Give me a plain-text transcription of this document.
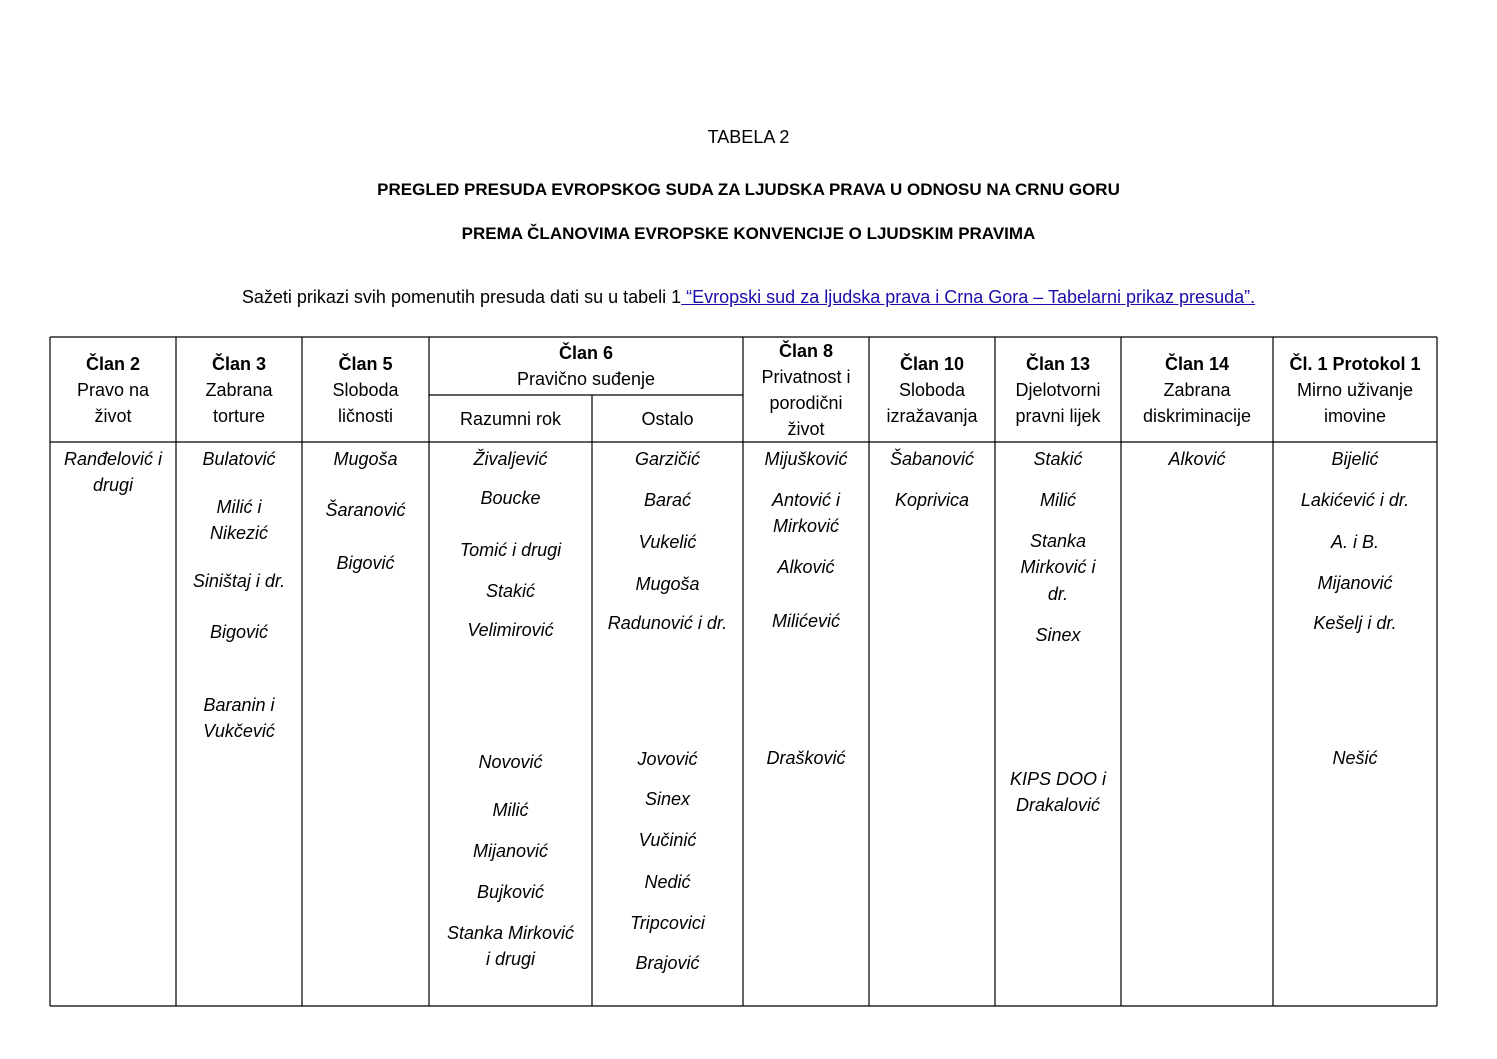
TABELA 2
PREGLED PRESUDA EVROPSKOG SUDA ZA LJUDSKA PRAVA U ODNOSU NA CRNU GORU
PREMA ČLANOVIMA EVROPSKE KONVENCIJE O LJUDSKIM PRAVIMA
Sažeti prikazi svih pomenutih presuda dati su u tabeli 1 “Evropski sud za ljudska prava i Crna Gora – Tabelarni prikaz presuda”.
Član 2
Pravo na
život
Član 3
Zabrana
torture
Član 5
Sloboda
ličnosti
Član 6
Pravično suđenje
Razumni rok	Ostalo
Član 8
Privatnost i
porodični
život
Član 10
Sloboda
izražavanja
Član 13
Djelotvorni
pravni lijek
Član 14
Zabrana
diskriminacije
Čl. 1 Protokol 1
Mirno uživanje
imovine
Ranđelović i
drugi
Bulatović
Milić i
Nikezić
Siništaj i dr.
Bigović
Baranin i
Vukčević
Mugoša
Šaranović
Bigović
Živaljević
Boucke
Tomić i drugi
Stakić
Velimirović
Novović
Milić
Mijanović
Bujković
Stanka Mirković
i drugi
Garzičić
Barać
Vukelić
Mugoša
Radunović i dr.
Jovović
Sinex
Vučinić
Nedić
Tripcovici
Brajović
Mijušković
Antović i
Mirković
Alković
Milićević
Drašković
Šabanović
Koprivica
Stakić
Milić
Stanka
Mirković i
dr.
Sinex
KIPS DOO i
Drakalović
Alković	Bijelić
Lakićević i dr.
A. i B.
Mijanović
Kešelj i dr.
Nešić
